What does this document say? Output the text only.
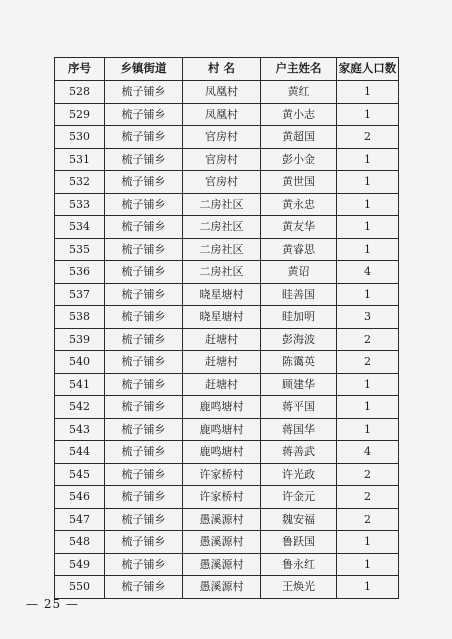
序号	乡镇街道	村 名	户主姓名	家庭人口数
528	梳子铺乡	凤凰村	黄红	1
529	梳子铺乡	凤凰村	黄小志	1
530	梳子铺乡	官房村	黄超国	2
531	梳子铺乡	官房村	彭小金	1
532	梳子铺乡	官房村	黄世国	1
533	梳子铺乡	二房社区	黄永忠	1
534	梳子铺乡	二房社区	黄友华	1
535	梳子铺乡	二房社区	黄睿思	1
536	梳子铺乡	二房社区	黄诏	4
537	梳子铺乡	晓星塘村	眭善国	1
538	梳子铺乡	晓星塘村	眭加明	3
539	梳子铺乡	赶塘村	彭海波	2
540	梳子铺乡	赶塘村	陈霭英	2
541	梳子铺乡	赶塘村	顾建华	1
542	梳子铺乡	鹿鸣塘村	蒋平国	1
543	梳子铺乡	鹿鸣塘村	蒋国华	1
544	梳子铺乡	鹿鸣塘村	蒋善武	4
545	梳子铺乡	许家桥村	许光政	2
546	梳子铺乡	许家桥村	许金元	2
547	梳子铺乡	愚溪源村	魏安福	2
548	梳子铺乡	愚溪源村	鲁跃国	1
549	梳子铺乡	愚溪源村	鲁永红	1
550	梳子铺乡	愚溪源村	王焕光	1
— 25 —
